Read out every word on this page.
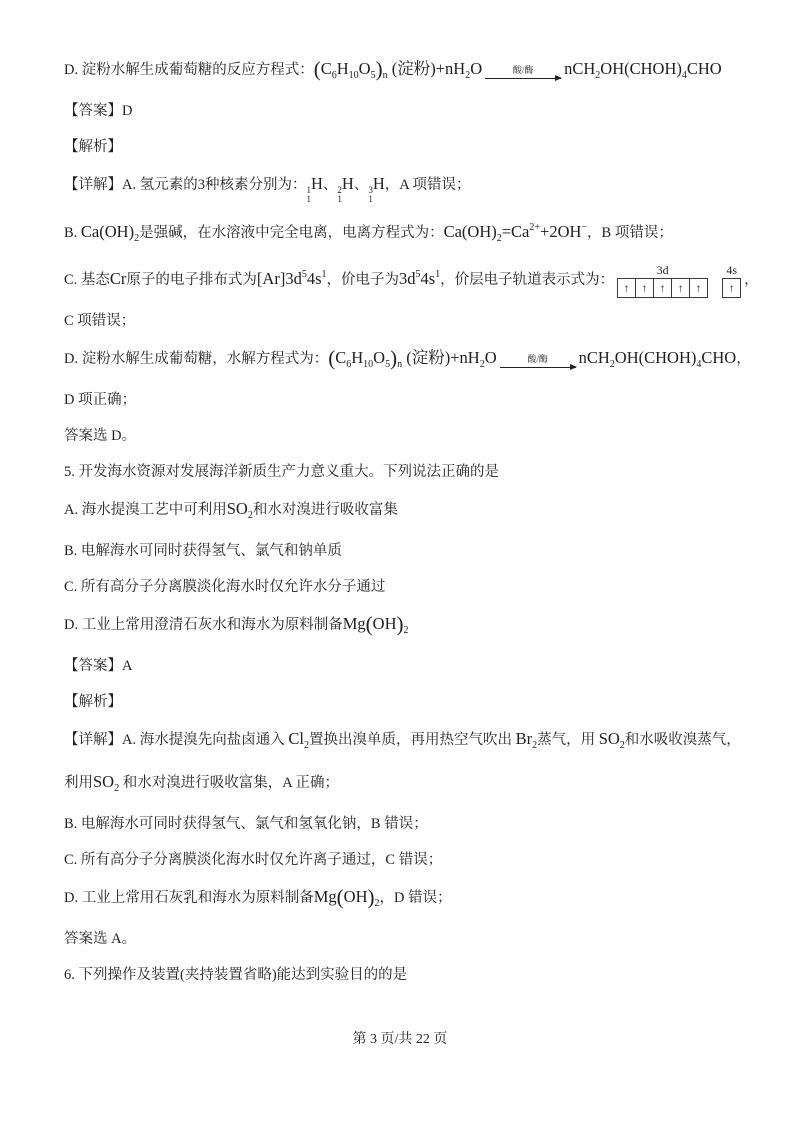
D. 淀粉水解生成葡萄糖的反应方程式：$(C_6H_{10}O_5)_n$ (淀粉)$+nH_2O$	酸/酶	$nCH_2OH(CHOH)_4CHO$
【答案】D
【解析】
【详解】A. 氢元素的3种核素分别为： 1
1
H、 2
1
H、 3
1
H，A 项错误；
B. $Ca(OH)_2$是强碱，在水溶液中完全电离，电离方程式为：$Ca(OH)_2=Ca^{2+}+2OH^-$，B 项错误；
C. 基态Cr原子的电子排布式为$[Ar]3d^54s^1$，价电子为$3d^54s^1$，价层电子轨道表示式为：
3d
↑ ↑ ↑ ↑ ↑
4s
↑
，
C 项错误；
D. 淀粉水解生成葡萄糖，水解方程式为：$(C_6H_{10}O_5)_n$ (淀粉)$+nH_2O$	酸/酶	$nCH_2OH(CHOH)_4CHO$，
D 项正确；
答案选 D。
5. 开发海水资源对发展海洋新质生产力意义重大。下列说法正确的是
A. 海水提溴工艺中可利用$SO_2$和水对溴进行吸收富集
B. 电解海水可同时获得氢气、氯气和钠单质
C. 所有高分子分离膜淡化海水时仅允许水分子通过
D. 工业上常用澄清石灰水和海水为原料制备$Mg(OH)_2$
【答案】A
【解析】
【详解】A. 海水提溴先向盐卤通入 $Cl_2$置换出溴单质，再用热空气吹出 $Br_2$蒸气，用 $SO_2$和水吸收溴蒸气，
利用$SO_2$ 和水对溴进行吸收富集，A 正确；
B. 电解海水可同时获得氢气、氯气和氢氧化钠，B 错误；
C. 所有高分子分离膜淡化海水时仅允许离子通过，C 错误；
D. 工业上常用石灰乳和海水为原料制备$Mg(OH)_2$，D 错误；
答案选 A。
6. 下列操作及装置(夹持装置省略)能达到实验目的的是
第 3 页/共 22 页
